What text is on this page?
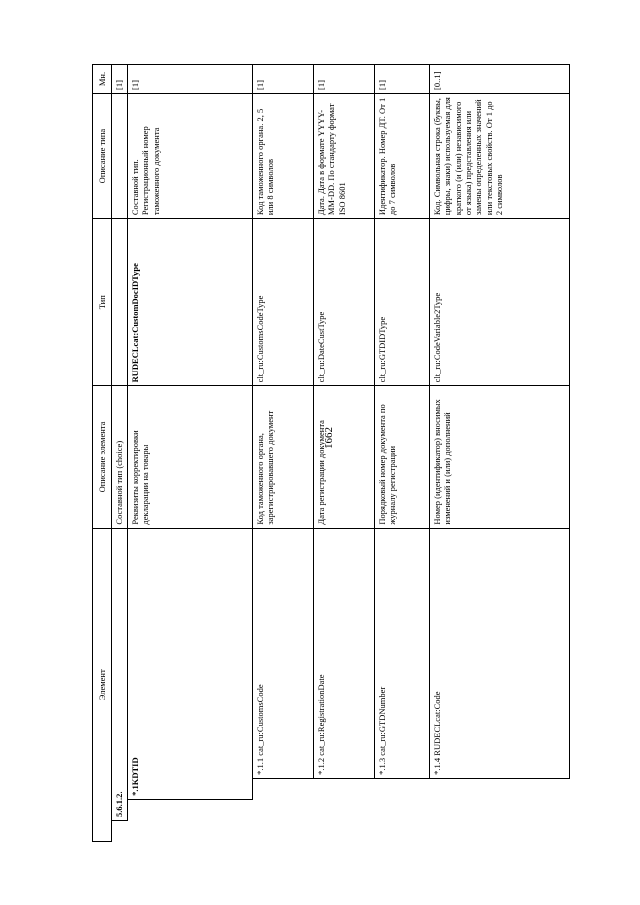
1662
Элемент				Описание элемента	Тип	Описание типа	Мн.
	5.6.1.2.			Составной тип (choice)			[1]
		*.1KDTID		Реквизиты корректировки декларации на товары	RUDECLcat:CustomDocIDType	Составной тип. Регистрационный номер таможенного документа	[1]
			*.1.1 cat_ru:CustomsCode	Код таможенного органа, зарегистрировавшего документ	clt_ru:CustomsCodeType	Код таможенного органа. 2, 5 или 8 символов	[1]
			*.1.2 cat_ru:RegistrationDate	Дата регистрации документа	clt_ru:DateCustType	Дата. Дата в формате YYYY-MM-DD. По стандарту формат ISO 8601	[1]
			*.1.3 cat_ru:GTDNumber	Порядковый номер документа по журналу регистрации	clt_ru:GTDIDType	Идентификатор. Номер ДТ. От 1 до 7 символов	[1]
			*.1.4 RUDECLcat:Code	Номер (идентификатор) вносимых изменений и (или) дополнений	clt_ru:CodeVariable2Type	Код. Символьная строка (буквы, цифры, знаки) используемая для краткого (и (или) независимого от языка) представления или замены определенных значений или текстовых свойств. От 1 до 2 символов	[0..1]
